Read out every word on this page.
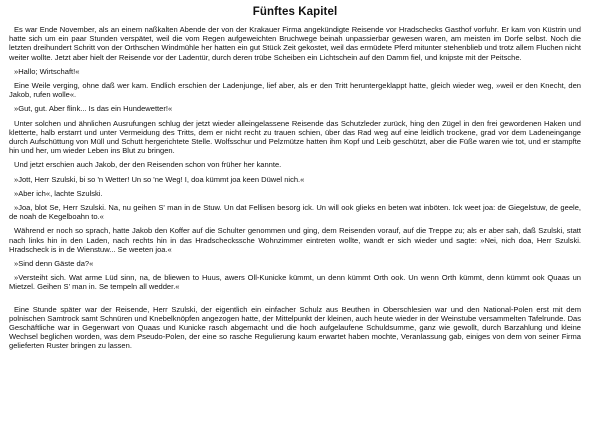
Fünftes Kapitel

Es war Ende November, als an einem naßkalten Abende der von der Krakauer Firma angekündigte Reisende vor Hradschecks Gasthof vorfuhr. Er kam von Küstrin und hatte sich um ein paar Stunden verspätet, weil die vom Regen aufgeweichten Bruchwege beinah unpassierbar gewesen waren, am meisten im Dorfe selbst. Noch die letzten dreihundert Schritt von der Orthschen Windmühle her hatten ein gut Stück Zeit gekostet, weil das ermüdete Pferd mitunter stehenblieb und trotz allem Fluchen nicht weiter wollte. Jetzt aber hielt der Reisende vor der Ladentür, durch deren trübe Scheiben ein Lichtschein auf den Damm fiel, und knipste mit der Peitsche.

»Hallo; Wirtschaft!«

Eine Weile verging, ohne daß wer kam. Endlich erschien der Ladenjunge, lief aber, als er den Tritt heruntergeklappt hatte, gleich wieder weg, »weil er den Knecht, den Jakob, rufen wolle«.

»Gut, gut. Aber flink... Is das ein Hundewetter!«

Unter solchen und ähnlichen Ausrufungen schlug der jetzt wieder alleingelassene Reisende das Schutzleder zurück, hing den Zügel in den frei gewordenen Haken und kletterte, halb erstarrt und unter Vermeidung des Tritts, dem er nicht recht zu trauen schien, über das Rad weg auf eine leidlich trockene, grad vor dem Ladeneingange durch Aufschüttung von Müll und Schutt hergerichtete Stelle. Wolfsschur und Pelzmütze hatten ihm Kopf und Leib geschützt, aber die Füße waren wie tot, und er stampfte hin und her, um wieder Leben ins Blut zu bringen.

Und jetzt erschien auch Jakob, der den Reisenden schon von früher her kannte.

»Jott, Herr Szulski, bi so 'n Wetter! Un so 'ne Weg! I, doa kümmt joa keen Düwel nich.«

»Aber ich«, lachte Szulski.

»Joa, blot Se, Herr Szulski. Na, nu geihen S' man in de Stuw. Un dat Fellisen besorg ick. Un will ook glieks en beten wat inböten. Ick weet joa: de Giegelstuw, de geele, de noah de Kegelboahn to.«

Während er noch so sprach, hatte Jakob den Koffer auf die Schulter genommen und ging, dem Reisenden vorauf, auf die Treppe zu; als er aber sah, daß Szulski, statt nach links hin in den Laden, nach rechts hin in das Hradscheckssche Wohnzimmer eintreten wollte, wandt er sich wieder und sagte: »Nei, nich doa, Herr Szulski. Hradscheck is in de Wienstuw... Se weeten joa.«

»Sind denn Gäste da?«

»Versteiht sich. Wat arme Lüd sinn, na, de bliewen to Huus, awers Oll-Kunicke kümmt, un denn kümmt Orth ook. Un wenn Orth kümmt, denn kümmt ook Quaas un Mietzel. Geihen S' man in. Se tempeln all wedder.«

Eine Stunde später war der Reisende, Herr Szulski, der eigentlich ein einfacher Schulz aus Beuthen in Oberschlesien war und den National-Polen erst mit dem polnischen Samtrock samt Schnüren und Knebelknöpfen angezogen hatte, der Mittelpunkt der kleinen, auch heute wieder in der Weinstube versammelten Tafelrunde. Das Geschäftliche war in Gegenwart von Quaas und Kunicke rasch abgemacht und die hoch aufgelaufene Schuldsumme, ganz wie gewollt, durch Barzahlung und kleine Wechsel beglichen worden, was dem Pseudo-Polen, der eine so rasche Regulierung kaum erwartet haben mochte, Veranlassung gab, einiges von dem von seiner Firma gelieferten Ruster bringen zu lassen.
